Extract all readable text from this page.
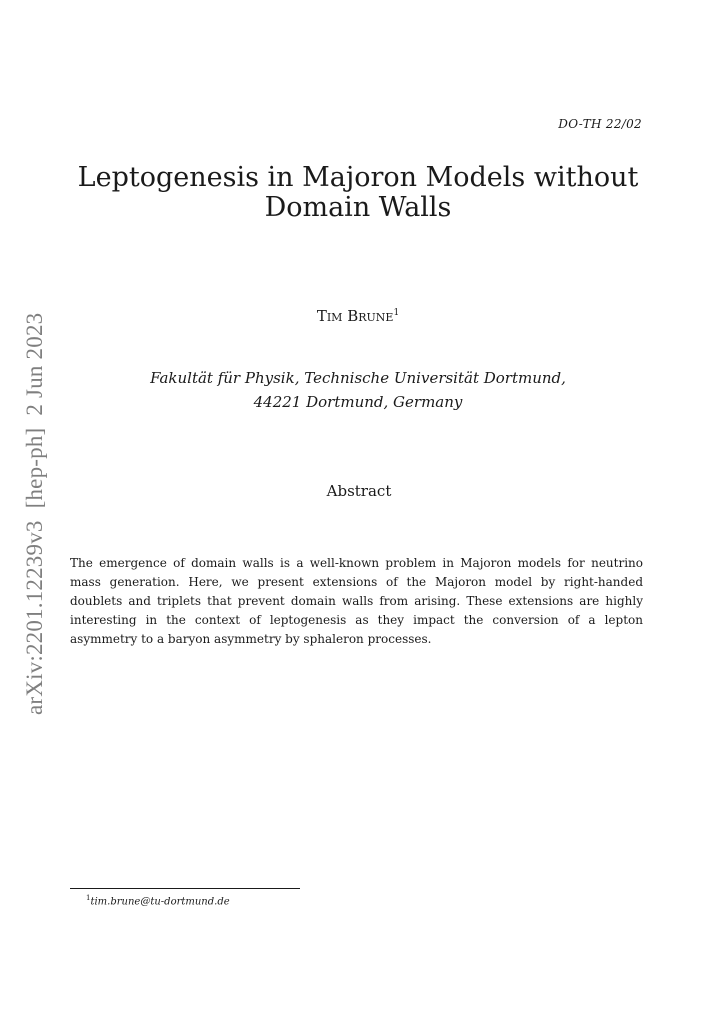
DO-TH 22/02
Leptogenesis in Majoron Models without
Domain Walls
Tim Brune$^1$
Fakultät für Physik, Technische Universität Dortmund,
44221 Dortmund, Germany
Abstract
The emergence of domain walls is a well-known problem in Majoron models for neutrino mass generation. Here, we present extensions of the Majoron model by right-handed doublets and triplets that prevent domain walls from arising. These extensions are highly interesting in the context of leptogenesis as they impact the conversion of a lepton asymmetry to a baryon asymmetry by sphaleron processes.
arXiv:2201.12239v3[hep-ph]2 Jun 2023
$^1$tim.brune@tu-dortmund.de
